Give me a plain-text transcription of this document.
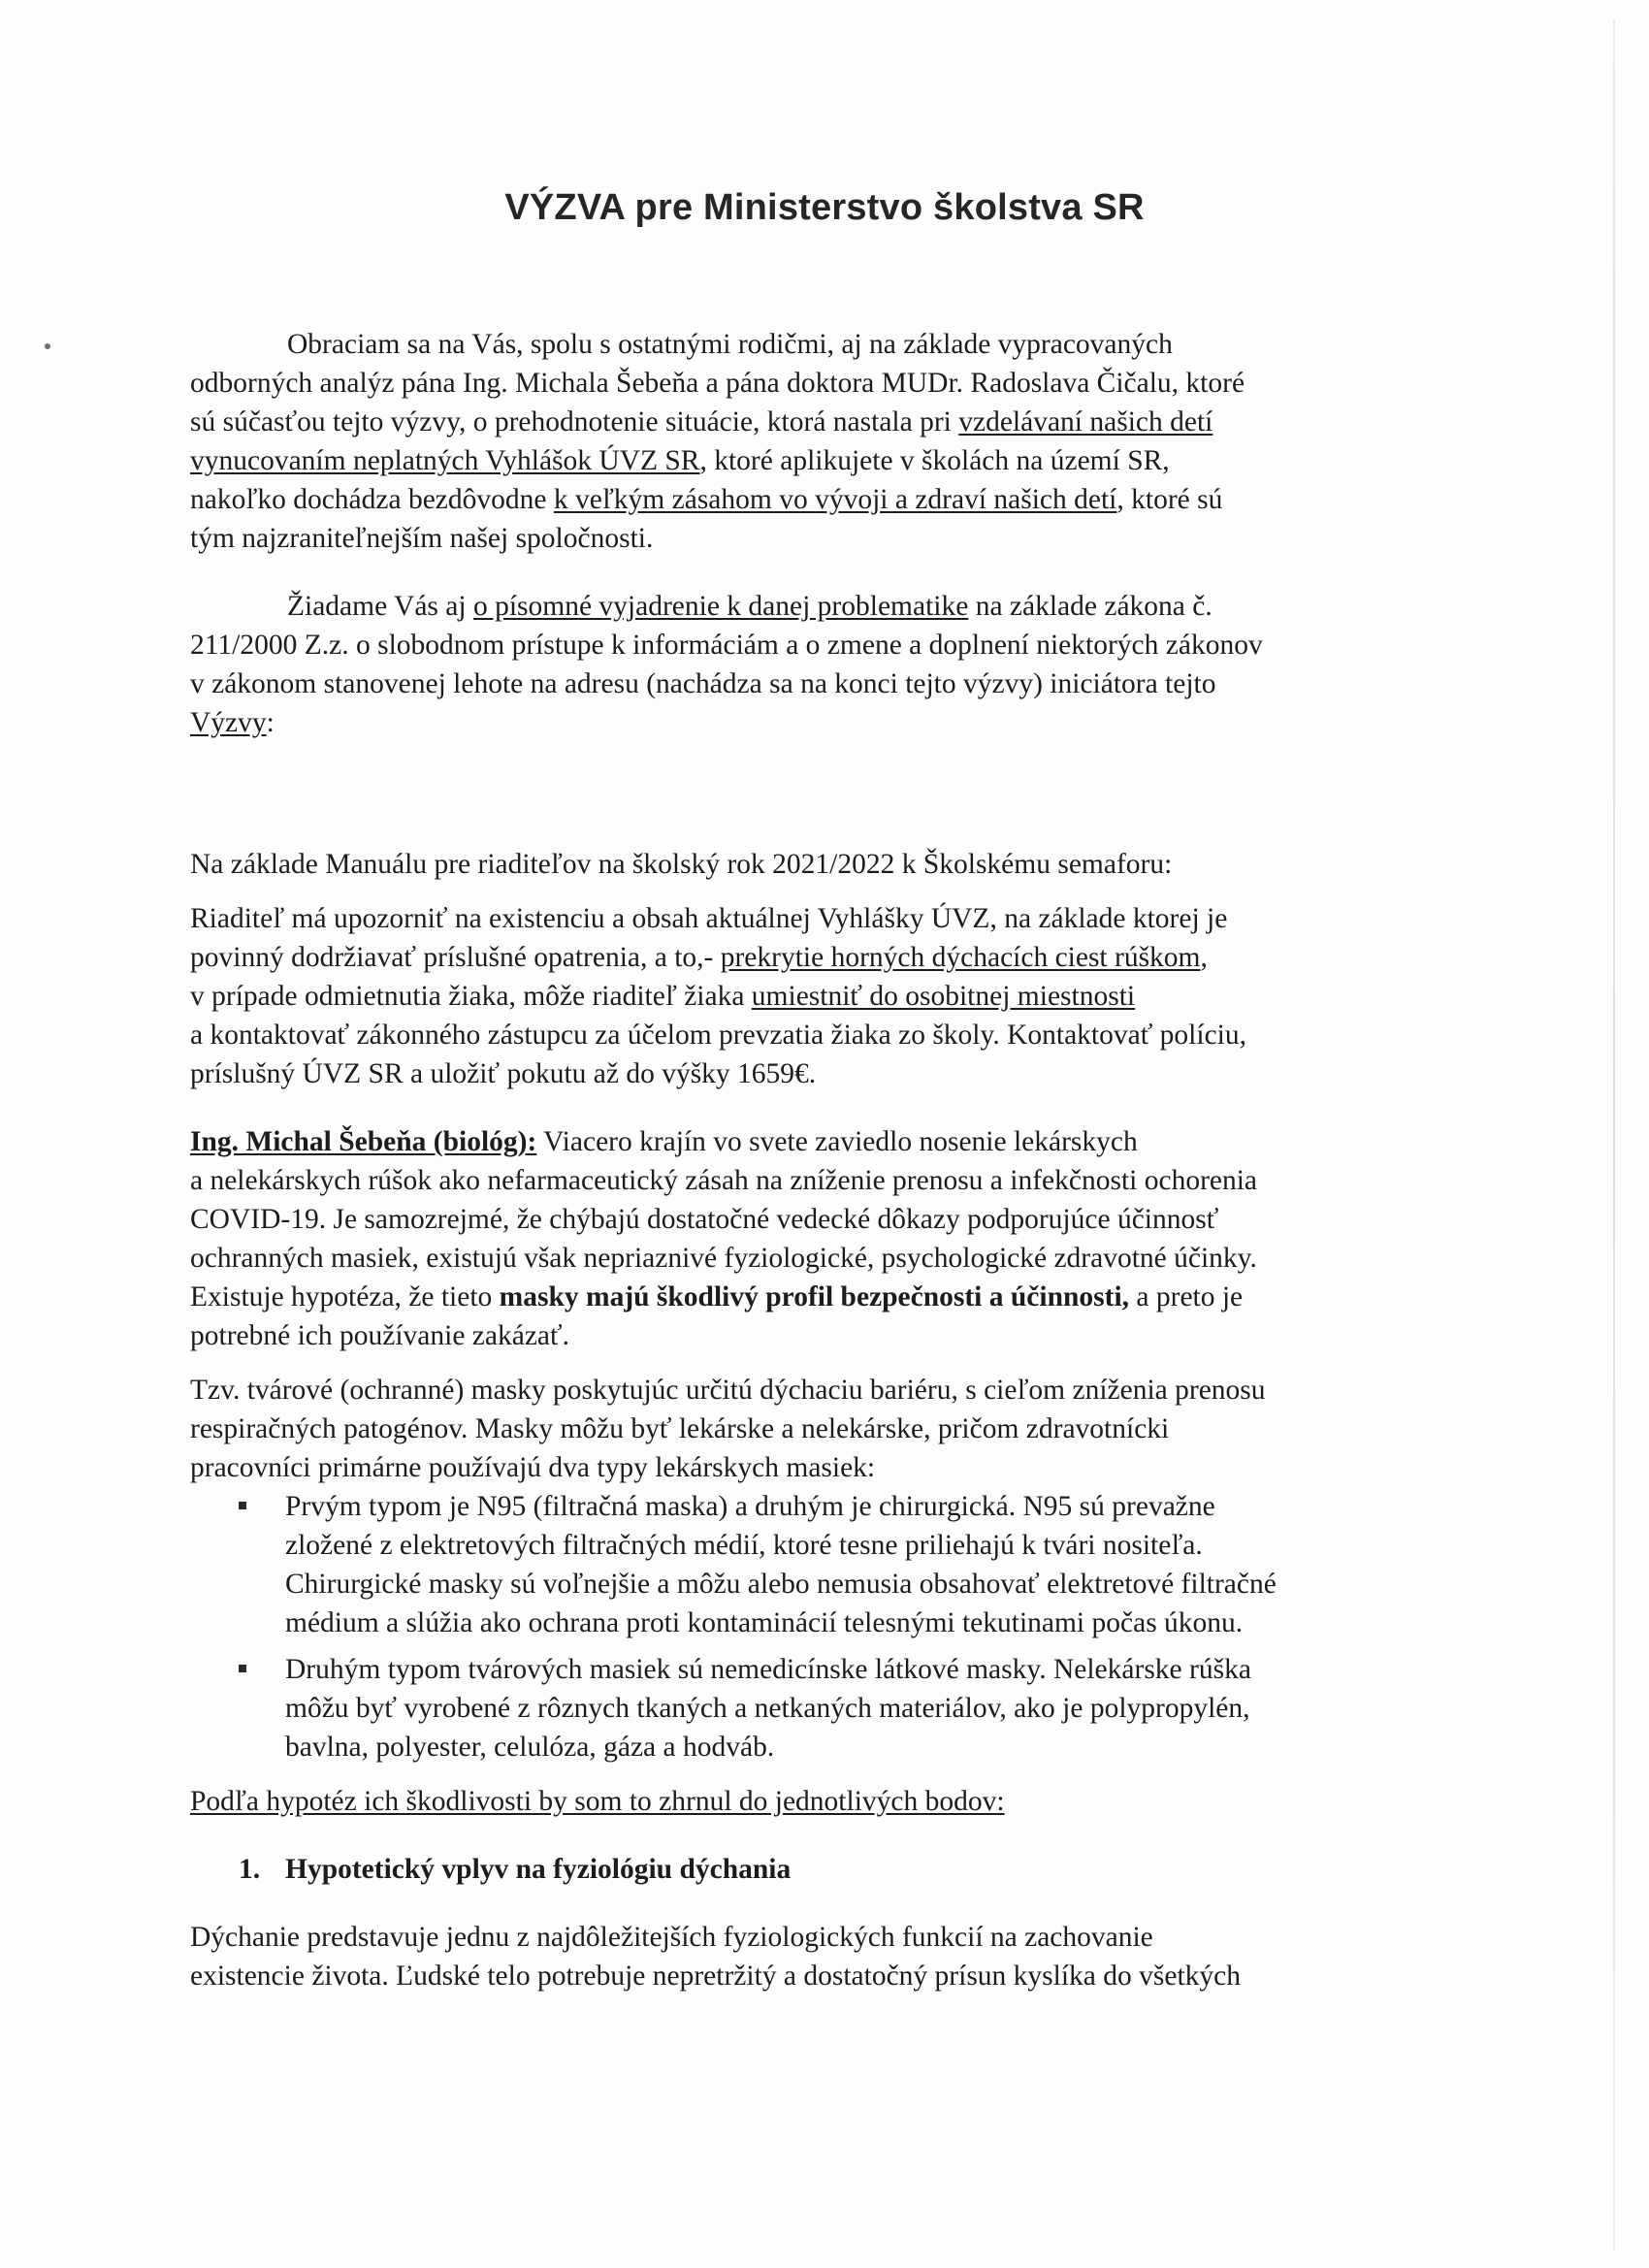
VÝZVA pre Ministerstvo školstva SR
Obraciam sa na Vás, spolu s ostatnými rodičmi, aj na základe vypracovaných
odborných analýz pána Ing. Michala Šebeňa a pána doktora MUDr. Radoslava Čičalu, ktoré
sú súčasťou tejto výzvy, o prehodnotenie situácie, ktorá nastala pri vzdelávaní našich detí
vynucovaním neplatných Vyhlášok ÚVZ SR, ktoré aplikujete v školách na území SR,
nakoľko dochádza bezdôvodne k veľkým zásahom vo vývoji a zdraví našich detí, ktoré sú
tým najzraniteľnejším našej spoločnosti.
Žiadame Vás aj o písomné vyjadrenie k danej problematike na základe zákona č.
211/2000 Z.z. o slobodnom prístupe k informáciám a o zmene a doplnení niektorých zákonov
v zákonom stanovenej lehote na adresu (nachádza sa na konci tejto výzvy) iniciátora tejto
Výzvy:
Na základe Manuálu pre riaditeľov na školský rok 2021/2022 k Školskému semaforu:
Riaditeľ má upozorniť na existenciu a obsah aktuálnej Vyhlášky ÚVZ, na základe ktorej je
povinný dodržiavať príslušné opatrenia, a to,- prekrytie horných dýchacích ciest rúškom,
v prípade odmietnutia žiaka, môže riaditeľ žiaka umiestniť do osobitnej miestnosti
a kontaktovať zákonného zástupcu za účelom prevzatia žiaka zo školy. Kontaktovať políciu,
príslušný ÚVZ SR a uložiť pokutu až do výšky 1659€.
Ing. Michal Šebeňa (biológ): Viacero krajín vo svete zaviedlo nosenie lekárskych
a nelekárskych rúšok ako nefarmaceutický zásah na zníženie prenosu a infekčnosti ochorenia
COVID-19. Je samozrejmé, že chýbajú dostatočné vedecké dôkazy podporujúce účinnosť
ochranných masiek, existujú však nepriaznivé fyziologické, psychologické zdravotné účinky.
Existuje hypotéza, že tieto masky majú škodlivý profil bezpečnosti a účinnosti, a preto je
potrebné ich používanie zakázať.
Tzv. tvárové (ochranné) masky poskytujúc určitú dýchaciu bariéru, s cieľom zníženia prenosu
respiračných patogénov. Masky môžu byť lekárske a nelekárske, pričom zdravotnícki
pracovníci primárne používajú dva typy lekárskych masiek:
Prvým typom je N95 (filtračná maska) a druhým je chirurgická. N95 sú prevažne
zložené z elektretových filtračných médií, ktoré tesne priliehajú k tvári nositeľa.
Chirurgické masky sú voľnejšie a môžu alebo nemusia obsahovať elektretové filtračné
médium a slúžia ako ochrana proti kontaminácií telesnými tekutinami počas úkonu.
Druhým typom tvárových masiek sú nemedicínske látkové masky. Nelekárske rúška
môžu byť vyrobené z rôznych tkaných a netkaných materiálov, ako je polypropylén,
bavlna, polyester, celulóza, gáza a hodváb.
Podľa hypotéz ich škodlivosti by som to zhrnul do jednotlivých bodov:
1. Hypotetický vplyv na fyziológiu dýchania
Dýchanie predstavuje jednu z najdôležitejších fyziologických funkcií na zachovanie
existencie života. Ľudské telo potrebuje nepretržitý a dostatočný prísun kyslíka do všetkých
